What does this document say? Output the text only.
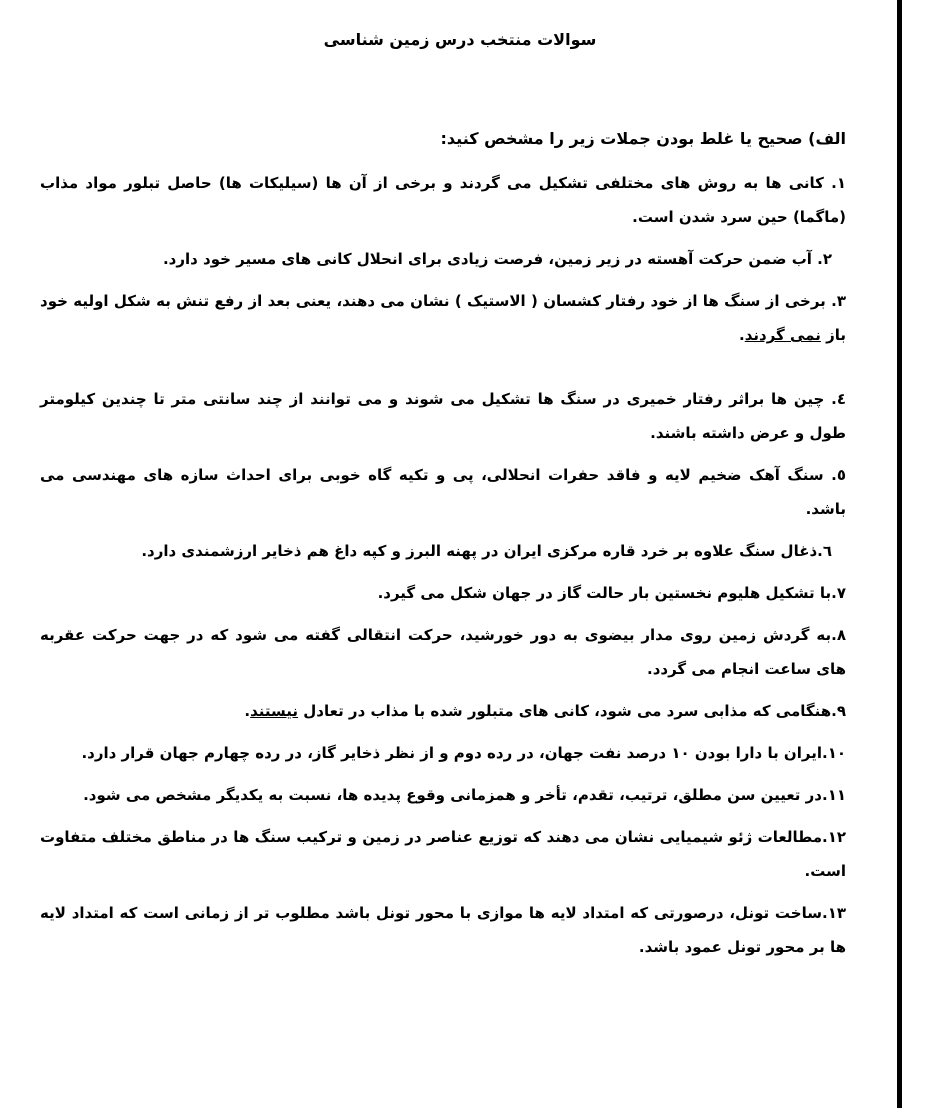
سوالات منتخب درس زمین شناسی

الف) صحیح یا غلط بودن جملات زیر را مشخص کنید:

۱. کانی ها به روش های مختلفی تشکیل می گردند و برخی از آن ها (سیلیکات ها) حاصل تبلور مواد مذاب (ماگما) حین سرد شدن است.

۲. آب ضمن حرکت آهسته در زیر زمین، فرصت زیادی برای انحلال کانی های مسیر خود دارد.

۳. برخی از سنگ ها از خود رفتار کشسان ( الاستیک ) نشان می دهند، یعنی بعد از رفع تنش به شکل اولیه خود باز نمی گردند.

٤. چین ها براثر رفتار خمیری در سنگ ها تشکیل می شوند و می توانند از چند سانتی متر تا چندین کیلومتر طول و عرض داشته باشند.

٥. سنگ آهک ضخیم لایه و فاقد حفرات انحلالی، پی و تکیه گاه خوبی برای احداث سازه های مهندسی می باشد.

٦.ذغال سنگ علاوه بر خرد قاره مرکزی ایران در پهنه البرز و کپه داغ هم ذخایر ارزشمندی دارد.

۷.با تشکیل هلیوم نخستین بار حالت گاز در جهان شکل می گیرد.

۸.به گردش زمین روی مدار بیضوی به دور خورشید، حرکت انتقالی گفته می شود که در جهت حرکت عقربه های ساعت انجام می گردد.

۹.هنگامی که مذابی سرد می شود، کانی های متبلور شده با مذاب در تعادل نیستند.

۱۰.ایران با دارا بودن ۱۰ درصد نفت جهان، در رده دوم و از نظر ذخایر گاز، در رده چهارم جهان قرار دارد.

۱۱.در تعیین سن مطلق، ترتیب، تقدم، تأخر و همزمانی وقوع پدیده ها، نسبت به یکدیگر مشخص می شود.

۱۲.مطالعات ژئو شیمیایی نشان می دهند که توزیع عناصر در زمین و ترکیب سنگ ها در مناطق مختلف متفاوت است.

۱۳.ساخت تونل، درصورتی که امتداد لایه ها موازی با محور تونل باشد مطلوب تر از زمانی است که امتداد لایه ها بر محور تونل عمود باشد.
